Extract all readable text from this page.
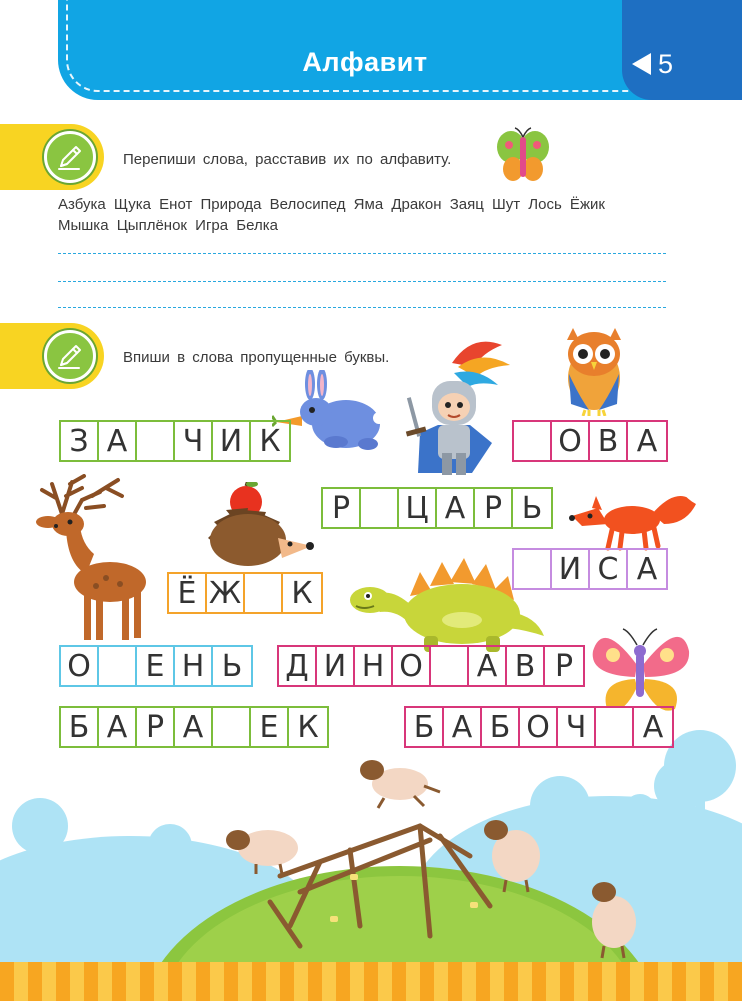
Алфавит	5
Перепиши слова, расставив их по алфавиту.
Азбука Щука Енот Природа Велосипед Яма Дракон Заяц Шут Лось Ёжик
Мышка Цыплёнок Игра Белка
Впиши в слова пропущенные буквы.
З А	Ч И К	О В А
Р	Ц А Р Ь
И С А
Ё Ж К
О Е Н Ь Д И Н О А В Р
Б А Р А	Е К	Б А Б О Ч	А
